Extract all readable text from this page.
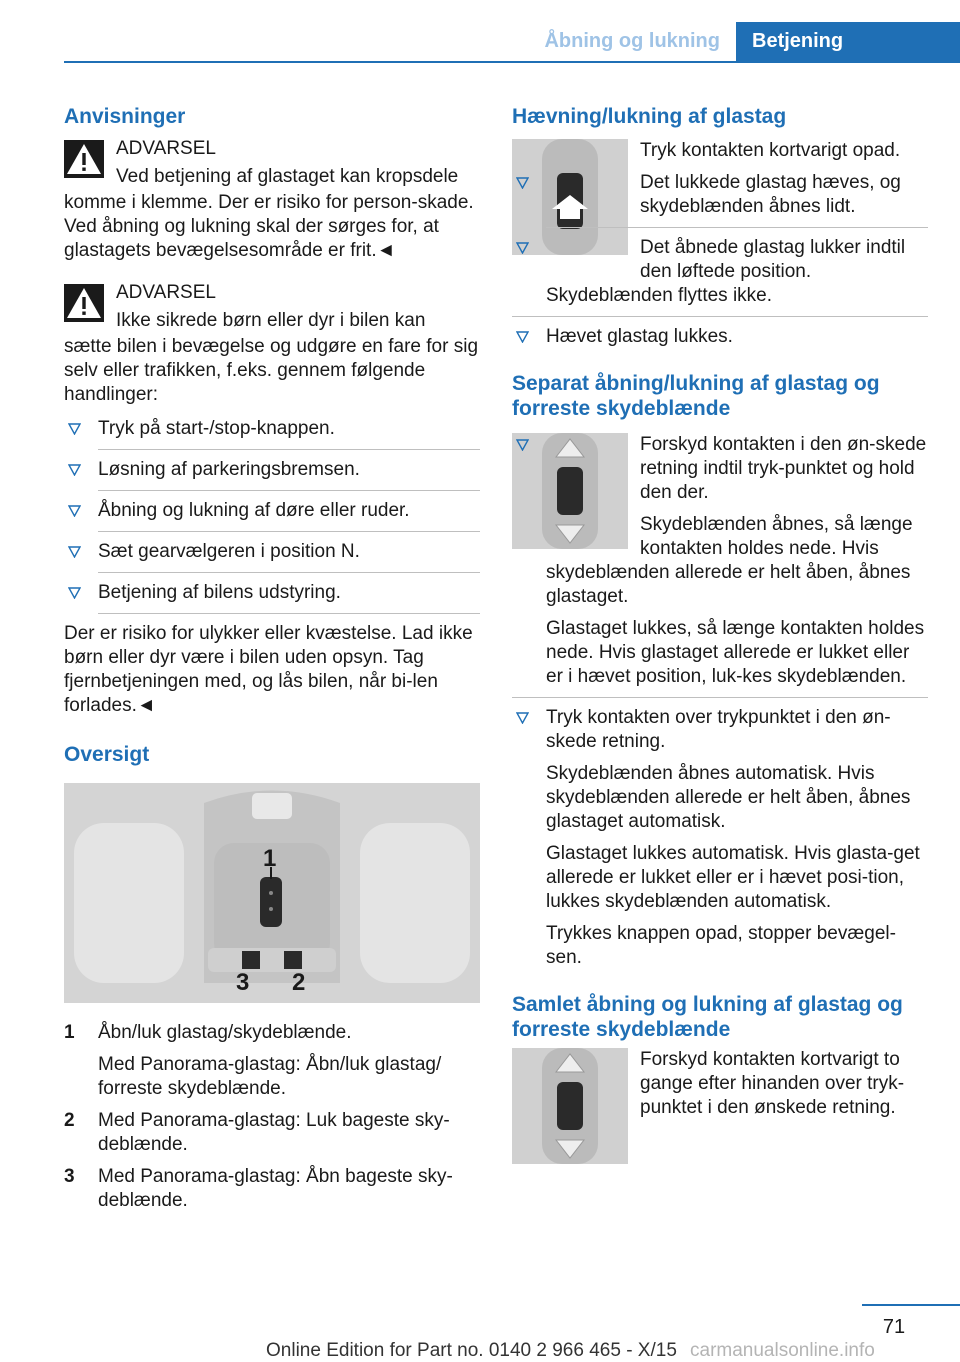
Åbning og lukning	Betjening
Anvisninger
ADVARSEL
Ved betjening af glastaget kan kropsdele

komme i klemme. Der er risiko for person-skade. Ved åbning og lukning skal der sørges for, at glastagets bevægelsesområde er frit.◄

ADVARSEL
Ikke sikrede børn eller dyr i bilen kan

sætte bilen i bevægelse og udgøre en fare for sig selv eller trafikken, f.eks. gennem følgende handlinger:

Tryk på start-/stop-knappen.
Løsning af parkeringsbremsen.
Åbning og lukning af døre eller ruder.
Sæt gearvælgeren i position N.
Betjening af bilens udstyring.

Der er risiko for ulykker eller kvæstelse. Lad ikke børn eller dyr være i bilen uden opsyn. Tag fjernbetjeningen med, og lås bilen, når bi-len forlades.◄

Oversigt
1
3 2
1 Åbn/luk glastag/skydeblænde.
Med Panorama-glastag: Åbn/luk glastag/ forreste skydeblænde.
2 Med Panorama-glastag: Luk bageste sky-deblænde.
3 Med Panorama-glastag: Åbn bageste sky-deblænde.
Hævning/lukning af glastag

Tryk kontakten kortvarigt opad.

Det lukkede glastag hæves, og skydeblænden åbnes lidt.
Det åbnede glastag lukker indtil den løftede position. Skydeblænden flyttes ikke.
Hævet glastag lukkes.
Separat åbning/lukning af glastag og forreste skydeblænde
Forskyd kontakten i den øn-skede retning indtil tryk-punktet og hold den der.

Skydeblænden åbnes, så længe kontakten holdes nede. Hvis skydeblænden allerede er helt åben, åbnes glastaget.

Glastaget lukkes, så længe kontakten holdes nede. Hvis glastaget allerede er lukket eller er i hævet position, luk-kes skydeblænden.

Tryk kontakten over trykpunktet i den øn-skede retning.

Skydeblænden åbnes automatisk. Hvis skydeblænden allerede er helt åben, åbnes glastaget automatisk.

Glastaget lukkes automatisk. Hvis glasta-get allerede er lukket eller er i hævet posi-tion, lukkes skydeblænden automatisk.

Trykkes knappen opad, stopper bevægel-sen.

Samlet åbning og lukning af glastag og forreste skydeblænde

Forskyd kontakten kortvarigt to gange efter hinanden over tryk-punktet i den ønskede retning.

71
Online Edition for Part no. 0140 2 966 465 - X/15 carmanualsonline.info
